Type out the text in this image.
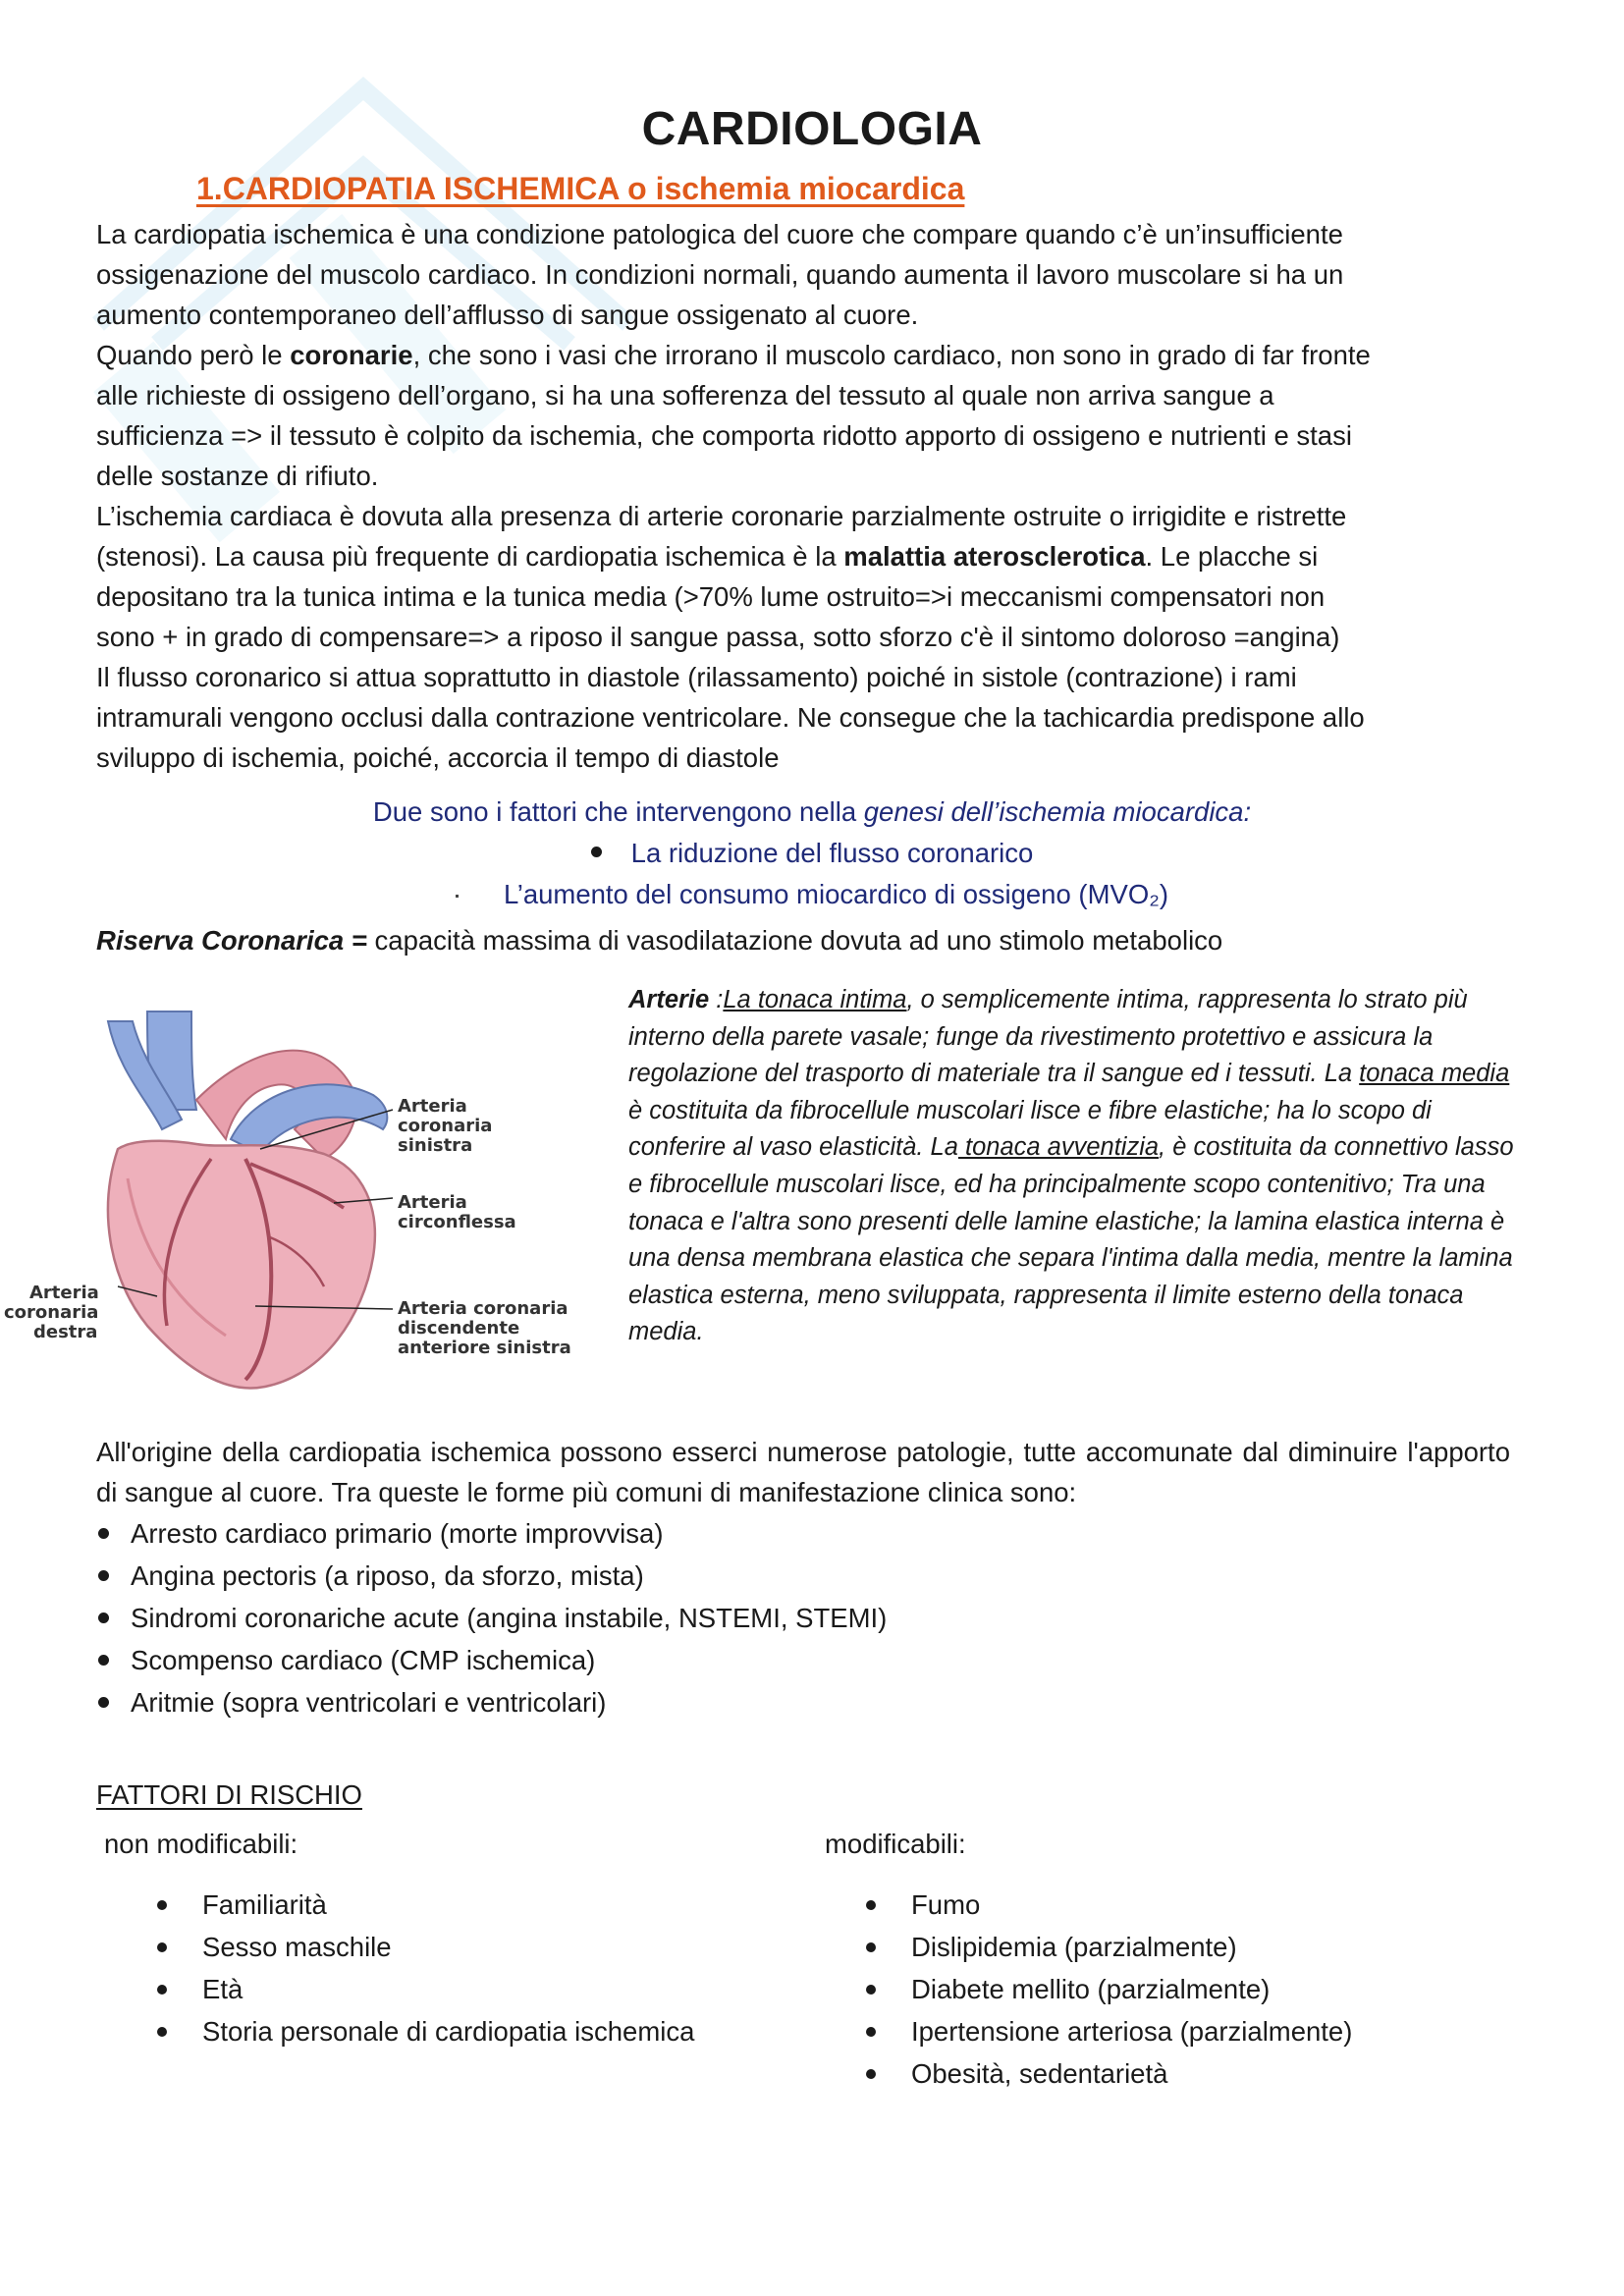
CARDIOLOGIA
1.CARDIOPATIA ISCHEMICA o ischemia miocardica
La cardiopatia ischemica è una condizione patologica del cuore che compare quando c’è un’insufficiente
ossigenazione del muscolo cardiaco. In condizioni normali, quando aumenta il lavoro muscolare si ha un
aumento contemporaneo dell’afflusso di sangue ossigenato al cuore.
Quando però le coronarie, che sono i vasi che irrorano il muscolo cardiaco, non sono in grado di far fronte
alle richieste di ossigeno dell’organo, si ha una sofferenza del tessuto al quale non arriva sangue a
sufficienza => il tessuto è colpito da ischemia, che comporta ridotto apporto di ossigeno e nutrienti e stasi
delle sostanze di rifiuto.
L’ischemia cardiaca è dovuta alla presenza di arterie coronarie parzialmente ostruite o irrigidite e ristrette
(stenosi). La causa più frequente di cardiopatia ischemica è la malattia aterosclerotica. Le placche si
depositano tra la tunica intima e la tunica media (>70% lume ostruito=>i meccanismi compensatori non
sono + in grado di compensare=> a riposo il sangue passa, sotto sforzo c'è il sintomo doloroso =angina)
Il flusso coronarico si attua soprattutto in diastole (rilassamento) poiché in sistole (contrazione) i rami
intramurali vengono occlusi dalla contrazione ventricolare. Ne consegue che la tachicardia predispone allo
sviluppo di ischemia, poiché, accorcia il tempo di diastole
Due sono i fattori che intervengono nella genesi dell’ischemia miocardica:
La riduzione del flusso coronarico
L’aumento del consumo miocardico di ossigeno (MVO₂)
Riserva Coronarica = capacità massima di vasodilatazione dovuta ad uno stimolo metabolico
Arteria
coronaria
sinistra
Arteria
circonflessa
Arteria coronaria
discendente
anteriore sinistra
Arteria
coronaria
destra
Arterie :La tonaca intima, o semplicemente intima, rappresenta lo strato più interno della parete vasale; funge da rivestimento protettivo e assicura la regolazione del trasporto di materiale tra il sangue ed i tessuti. La tonaca media è costituita da fibrocellule muscolari lisce e fibre elastiche; ha lo scopo di conferire al vaso elasticità. La tonaca avventizia, è costituita da connettivo lasso e fibrocellule muscolari lisce, ed ha principalmente scopo contenitivo; Tra una tonaca e l'altra sono presenti delle lamine elastiche; la lamina elastica interna è una densa membrana elastica che separa l'intima dalla media, mentre la lamina elastica esterna, meno sviluppata, rappresenta il limite esterno della tonaca media.
All'origine della cardiopatia ischemica possono esserci numerose patologie, tutte accomunate dal diminuire l'apporto di sangue al cuore. Tra queste le forme più comuni di manifestazione clinica sono:
Arresto cardiaco primario (morte improvvisa)
Angina pectoris (a riposo, da sforzo, mista)
Sindromi coronariche acute (angina instabile, NSTEMI, STEMI)
Scompenso cardiaco (CMP ischemica)
Aritmie (sopra ventricolari e ventricolari)
FATTORI DI RISCHIO
non modificabili:	modificabili:
Familiarità
Sesso maschile
Età
Storia personale di cardiopatia ischemica
Fumo
Dislipidemia (parzialmente)
Diabete mellito (parzialmente)
Ipertensione arteriosa (parzialmente)
Obesità, sedentarietà
